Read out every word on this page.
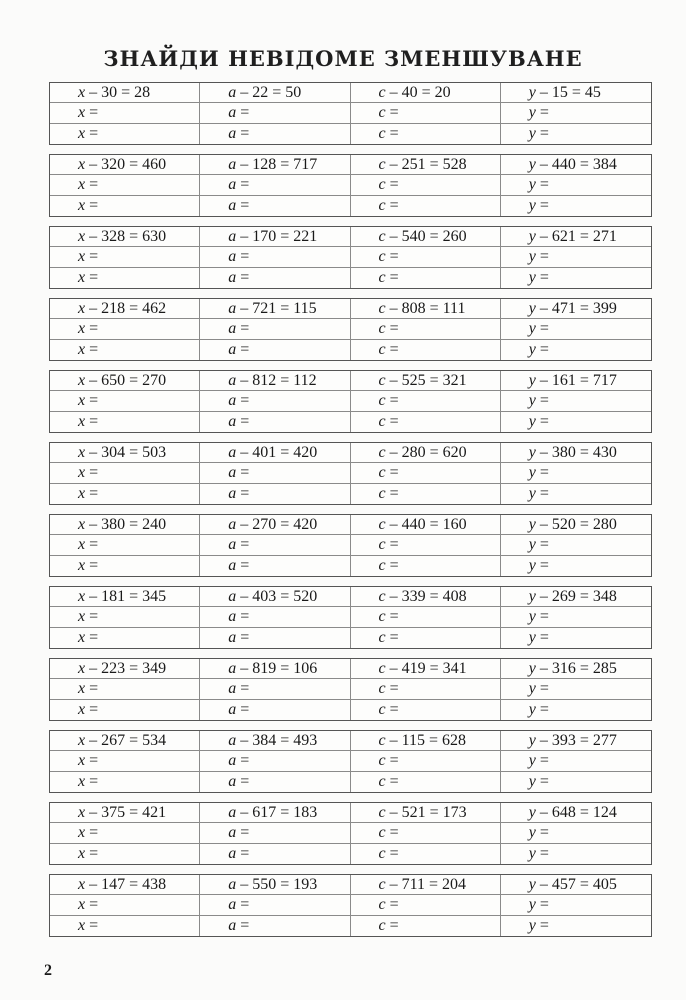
ЗНАЙДИ НЕВІДОМЕ ЗМЕНШУВАНЕ
x – 30 = 28	a – 22 = 50	c – 40 = 20	y – 15 = 45
x =	a =	c =	y =
x =	a =	c =	y =
x – 320 = 460	a – 128 = 717	c – 251 = 528	y – 440 = 384
x =	a =	c =	y =
x =	a =	c =	y =
x – 328 = 630	a – 170 = 221	c – 540 = 260	y – 621 = 271
x =	a =	c =	y =
x =	a =	c =	y =
x – 218 = 462	a – 721 = 115	c – 808 = 111	y – 471 = 399
x =	a =	c =	y =
x =	a =	c =	y =
x – 650 = 270	a – 812 = 112	c – 525 = 321	y – 161 = 717
x =	a =	c =	y =
x =	a =	c =	y =
x – 304 = 503	a – 401 = 420	c – 280 = 620	y – 380 = 430
x =	a =	c =	y =
x =	a =	c =	y =
x – 380 = 240	a – 270 = 420	c – 440 = 160	y – 520 = 280
x =	a =	c =	y =
x =	a =	c =	y =
x – 181 = 345	a – 403 = 520	c – 339 = 408	y – 269 = 348
x =	a =	c =	y =
x =	a =	c =	y =
x – 223 = 349	a – 819 = 106	c – 419 = 341	y – 316 = 285
x =	a =	c =	y =
x =	a =	c =	y =
x – 267 = 534	a – 384 = 493	c – 115 = 628	y – 393 = 277
x =	a =	c =	y =
x =	a =	c =	y =
x – 375 = 421	a – 617 = 183	c – 521 = 173	y – 648 = 124
x =	a =	c =	y =
x =	a =	c =	y =
x – 147 = 438	a – 550 = 193	c – 711 = 204	y – 457 = 405
x =	a =	c =	y =
x =	a =	c =	y =
2
